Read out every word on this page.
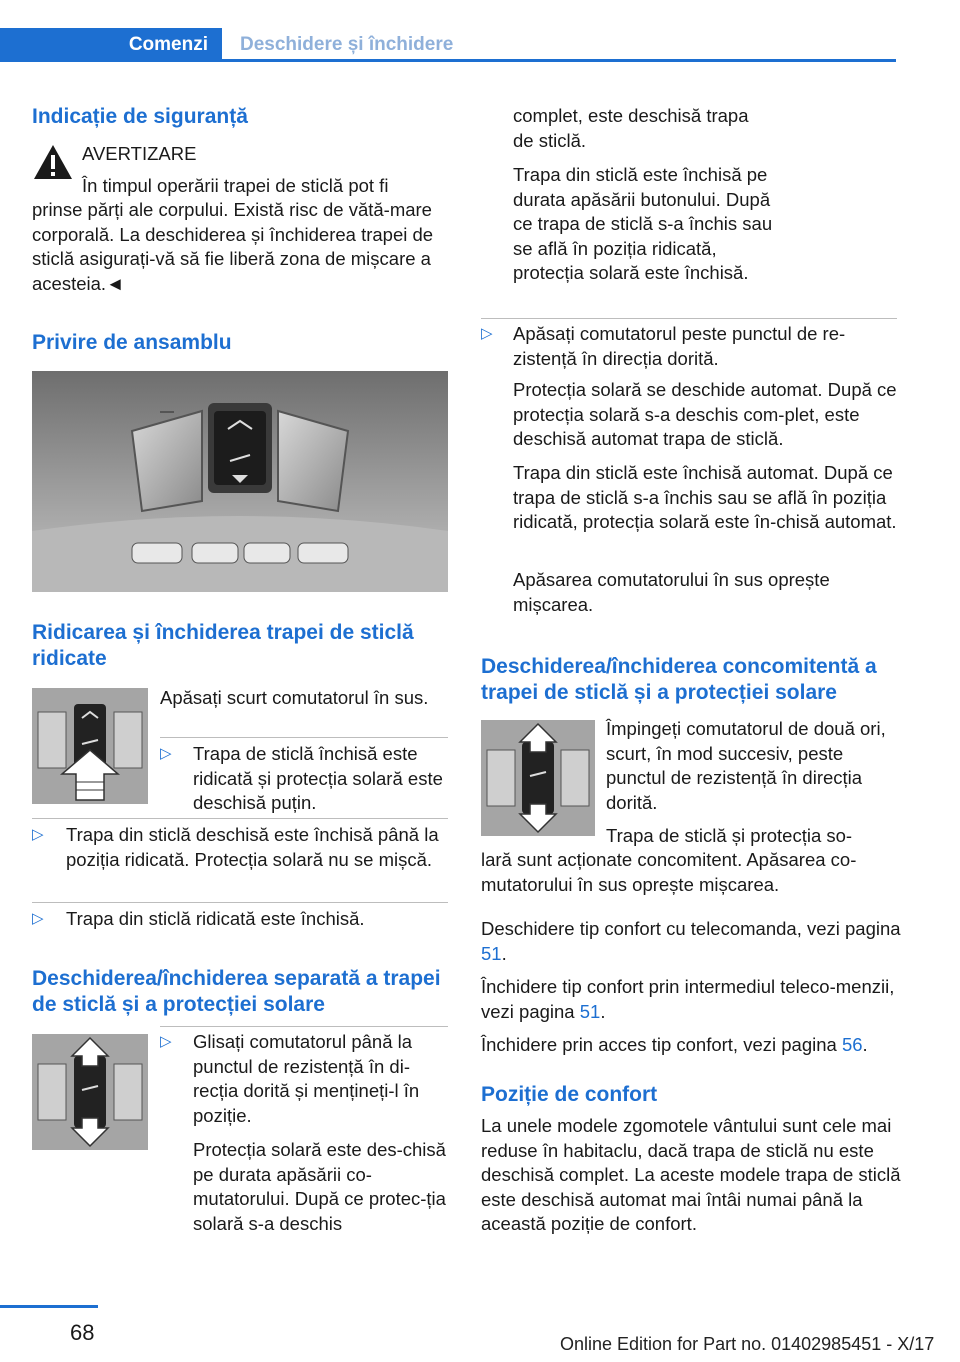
Comenzi	Deschidere și închidere
Indicație de siguranță
AVERTIZARE
În timpul operării trapei de sticlă pot fi
prinse părți ale corpului. Există risc de vătă‐mare corporală. La deschiderea și închiderea trapei de sticlă asigurați-vă să fie liberă zona de mișcare a acesteia.◄
Privire de ansamblu
Ridicarea și închiderea trapei de sticlă ridicate
Apăsați scurt comutatorul în sus.
▷	Trapa de sticlă închisă este ridicată și protecția solară este deschisă puțin.
▷	Trapa din sticlă deschisă este închisă până la poziția ridicată. Protecția solară nu se mișcă.
▷	Trapa din sticlă ridicată este închisă.
Deschiderea/închiderea separată a trapei de sticlă și a protecției solare
▷	Glisați comutatorul până la punctul de rezistență în di‐recția dorită și mențineți-l în poziție.
Protecția solară este des‐chisă pe durata apăsării co‐mutatorului. După ce protec‐ția solară s-a deschis
complet, este deschisă trapa de sticlă.
Trapa din sticlă este închisă pe durata apăsării butonului. După ce trapa de sticlă s-a închis sau se află în poziția ridicată, protecția solară este închisă.
▷	Apăsați comutatorul peste punctul de re‐zistență în direcția dorită.
Protecția solară se deschide automat. După ce protecția solară s-a deschis com‐plet, este deschisă automat trapa de sticlă.
Trapa din sticlă este închisă automat. După ce trapa de sticlă s-a închis sau se află în poziția ridicată, protecția solară este în‐chisă automat.
Apăsarea comutatorului în sus oprește mișcarea.
Deschiderea/închiderea concomitentă a trapei de sticlă și a protecției solare
Împingeți comutatorul de două ori, scurt, în mod succesiv, peste punctul de rezistență în direcția dorită.
Trapa de sticlă și protecția so‐
lară sunt acționate concomitent. Apăsarea co‐mutatorului în sus oprește mișcarea.
Deschidere tip confort cu telecomanda, vezi pagina 51.
Închidere tip confort prin intermediul teleco‐menzii, vezi pagina 51.
Închidere prin acces tip confort, vezi pagina 56.
Poziție de confort
La unele modele zgomotele vântului sunt cele mai reduse în habitaclu, dacă trapa de sticlă nu este deschisă complet. La aceste modele trapa de sticlă este deschisă automat mai întâi numai până la această poziție de confort.
68	Online Edition for Part no. 01402985451 - X/17
